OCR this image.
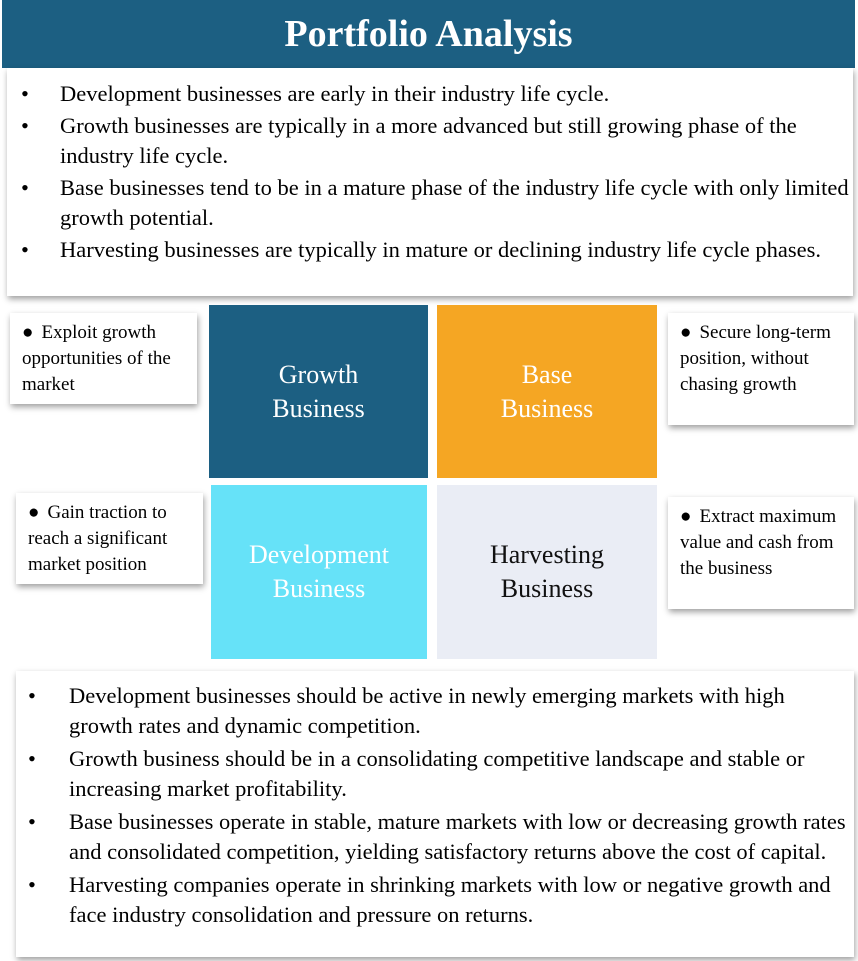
Portfolio Analysis
• Development businesses are early in their industry life cycle.
• Growth businesses are typically in a more advanced but still growing phase of the industry life cycle.
• Base businesses tend to be in a mature phase of the industry life cycle with only limited growth potential.
• Harvesting businesses are typically in mature or declining industry life cycle phases.
Growth
Business
Base
Business
Development
Business
Harvesting
Business
● Exploit growth opportunities of the market
● Secure long-term position, without chasing growth
● Gain traction to reach a significant market position
● Extract maximum value and cash from the business
• Development businesses should be active in newly emerging markets with high growth rates and dynamic competition.
• Growth business should be in a consolidating competitive landscape and stable or increasing market profitability.
• Base businesses operate in stable, mature markets with low or decreasing growth rates and consolidated competition, yielding satisfactory returns above the cost of capital.
• Harvesting companies operate in shrinking markets with low or negative growth and face industry consolidation and pressure on returns.
